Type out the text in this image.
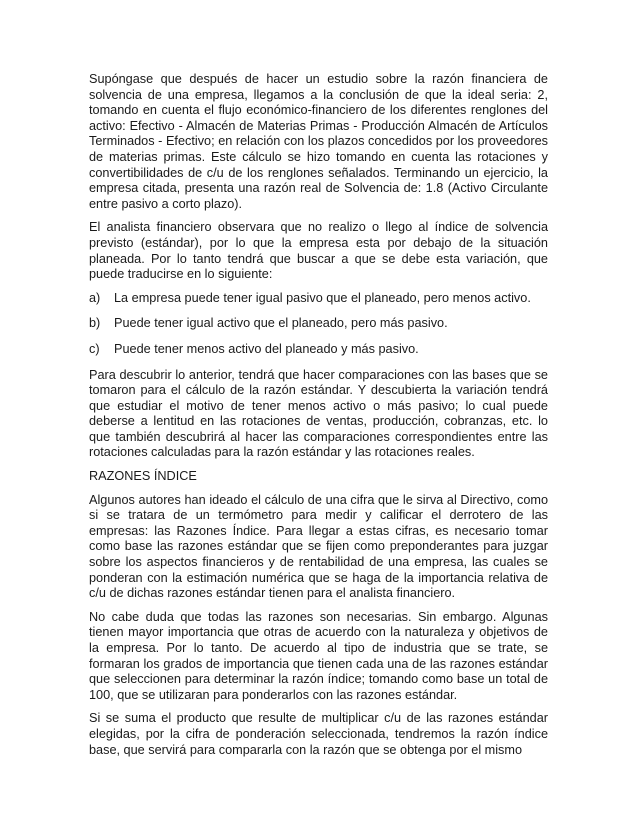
Supóngase que después de hacer un estudio sobre la razón financiera de solvencia de una empresa, llegamos a la conclusión de que la ideal seria: 2, tomando en cuenta el flujo económico-financiero de los diferentes renglones del activo: Efectivo - Almacén de Materias Primas - Producción Almacén de Artículos Terminados - Efectivo; en relación con los plazos concedidos por los proveedores de materias primas. Este cálculo se hizo tomando en cuenta las rotaciones y convertibilidades de c/u de los renglones señalados. Terminando un ejercicio, la empresa citada, presenta una razón real de Solvencia de: 1.8 (Activo Circulante entre pasivo a corto plazo).

El analista financiero observara que no realizo o llego al índice de solvencia previsto (estándar), por lo que la empresa esta por debajo de la situación planeada. Por lo tanto tendrá que buscar a que se debe esta variación, que puede traducirse en lo siguiente:

a)	La empresa puede tener igual pasivo que el planeado, pero menos activo.
b)	Puede tener igual activo que el planeado, pero más pasivo.
c)	Puede tener menos activo del planeado y más pasivo.

Para descubrir lo anterior, tendrá que hacer comparaciones con las bases que se tomaron para el cálculo de la razón estándar. Y descubierta la variación tendrá que estudiar el motivo de tener menos activo o más pasivo; lo cual puede deberse a lentitud en las rotaciones de ventas, producción, cobranzas, etc. lo que también descubrirá al hacer las comparaciones correspondientes entre las rotaciones calculadas para la razón estándar y las rotaciones reales.

RAZONES ÍNDICE

Algunos autores han ideado el cálculo de una cifra que le sirva al Directivo, como si se tratara de un termómetro para medir y calificar el derrotero de las empresas: las Razones Índice. Para llegar a estas cifras, es necesario tomar como base las razones estándar que se fijen como preponderantes para juzgar sobre los aspectos financieros y de rentabilidad de una empresa, las cuales se ponderan con la estimación numérica que se haga de la importancia relativa de c/u de dichas razones estándar tienen para el analista financiero.

No cabe duda que todas las razones son necesarias. Sin embargo. Algunas tienen mayor importancia que otras de acuerdo con la naturaleza y objetivos de la empresa. Por lo tanto. De acuerdo al tipo de industria que se trate, se formaran los grados de importancia que tienen cada una de las razones estándar que seleccionen para determinar la razón índice; tomando como base un total de 100, que se utilizaran para ponderarlos con las razones estándar.

Si se suma el producto que resulte de multiplicar c/u de las razones estándar elegidas, por la cifra de ponderación seleccionada, tendremos la razón índice base, que servirá para compararla con la razón que se obtenga por el mismo
